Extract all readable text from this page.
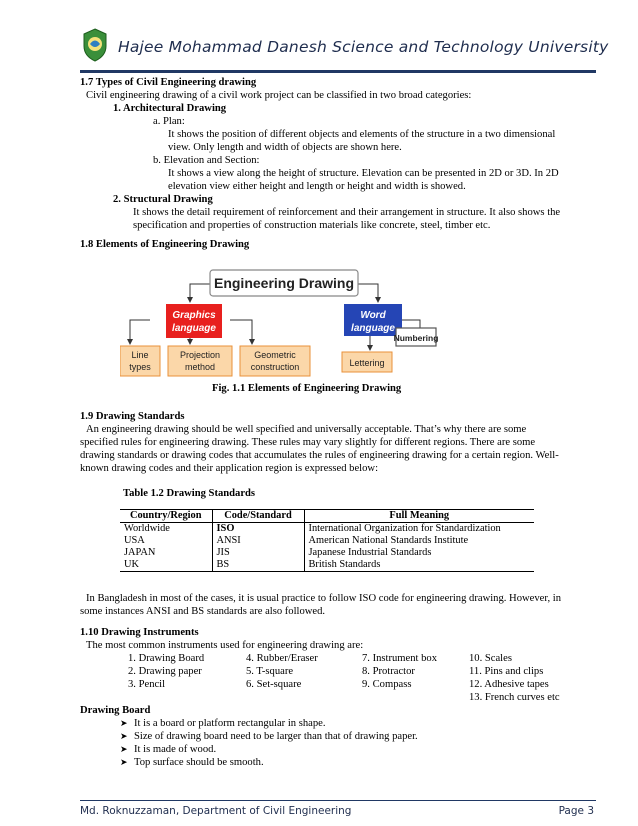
Hajee Mohammad Danesh Science and Technology University
1.7 Types of Civil Engineering drawing
Civil engineering drawing of a civil work project can be classified in two broad categories:
1. Architectural Drawing
a. Plan:
It shows the position of different objects and elements of the structure in a two dimensional
view. Only length and width of objects are shown here.
b. Elevation and Section:
It shows a view along the height of structure. Elevation can be presented in 2D or 3D. In 2D
elevation view either height and length or height and width is showed.
2. Structural Drawing
It shows the detail requirement of reinforcement and their arrangement in structure. It also shows the
specification and properties of construction materials like concrete, steel, timber etc.
1.8 Elements of Engineering Drawing
Engineering Drawing
Graphics
language
Word
language
Line
types
Projection
method
Geometric
construction	Lettering
Numbering
Fig. 1.1 Elements of Engineering Drawing
1.9 Drawing Standards
An engineering drawing should be well specified and universally acceptable. That’s why there are some
specified rules for engineering drawing. These rules may vary slightly for different regions. There are some
drawing standards or drawing codes that accumulates the rules of engineering drawing for a certain region. Well-
known drawing codes and their application region is expressed below:
Table 1.2 Drawing Standards
Country/Region	Code/Standard	Full Meaning
Worldwide	ISO	International Organization for Standardization
USA	ANSI	American National Standards Institute
JAPAN	JIS	Japanese Industrial Standards
UK	BS	British Standards
In Bangladesh in most of the cases, it is usual practice to follow ISO code for engineering drawing. However, in
some instances ANSI and BS standards are also followed.
1.10 Drawing Instruments
The most common instruments used for engineering drawing are:
1. Drawing Board
2. Drawing paper
3. Pencil
4. Rubber/Eraser
5. T-square
6. Set-square
7. Instrument box
8. Protractor
9. Compass
10. Scales
11. Pins and clips
12. Adhesive tapes
13. French curves etc
Drawing Board
➤ It is a board or platform rectangular in shape.
➤ Size of drawing board need to be larger than that of drawing paper.
➤ It is made of wood.
➤ Top surface should be smooth.
Md. Roknuzzaman, Department of Civil Engineering	Page 3
